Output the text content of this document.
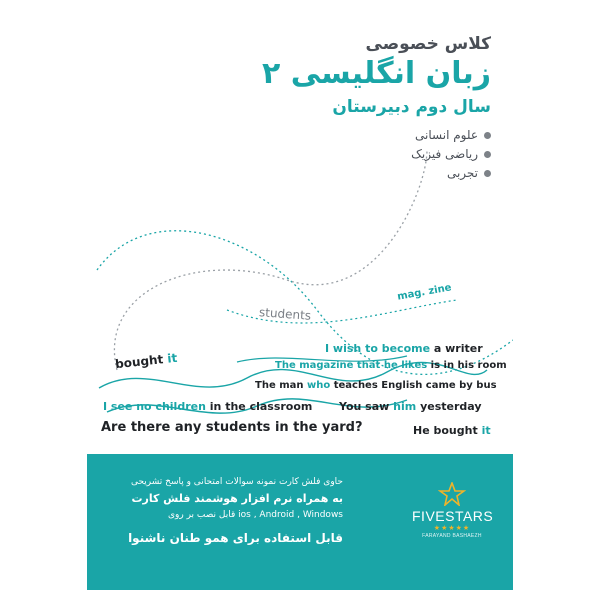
کلاس خصوصی
زبان انگلیسی ۲
سال دوم دبیرستان
علوم انسانی
ریاضی فیزیک
تجربی
mag. zine
students
bought it
I wish to become a writer
The magazine that he likes is in his room
The man who teaches English came by bus
I see no children in the classroom You saw him yesterday
Are there any students in the yard?	He bought it
حاوی فلش کارت نمونه سوالات امتحانی و پاسخ تشریحی
به همراه نرم افزار هوشمند فلش کارت
ios , Android , Windows قابل نصب بر روی
قابل استفاده برای همو طنان ناشنوا
FIVESTARS
★★★★★
FARAYAND BASHAEZH
